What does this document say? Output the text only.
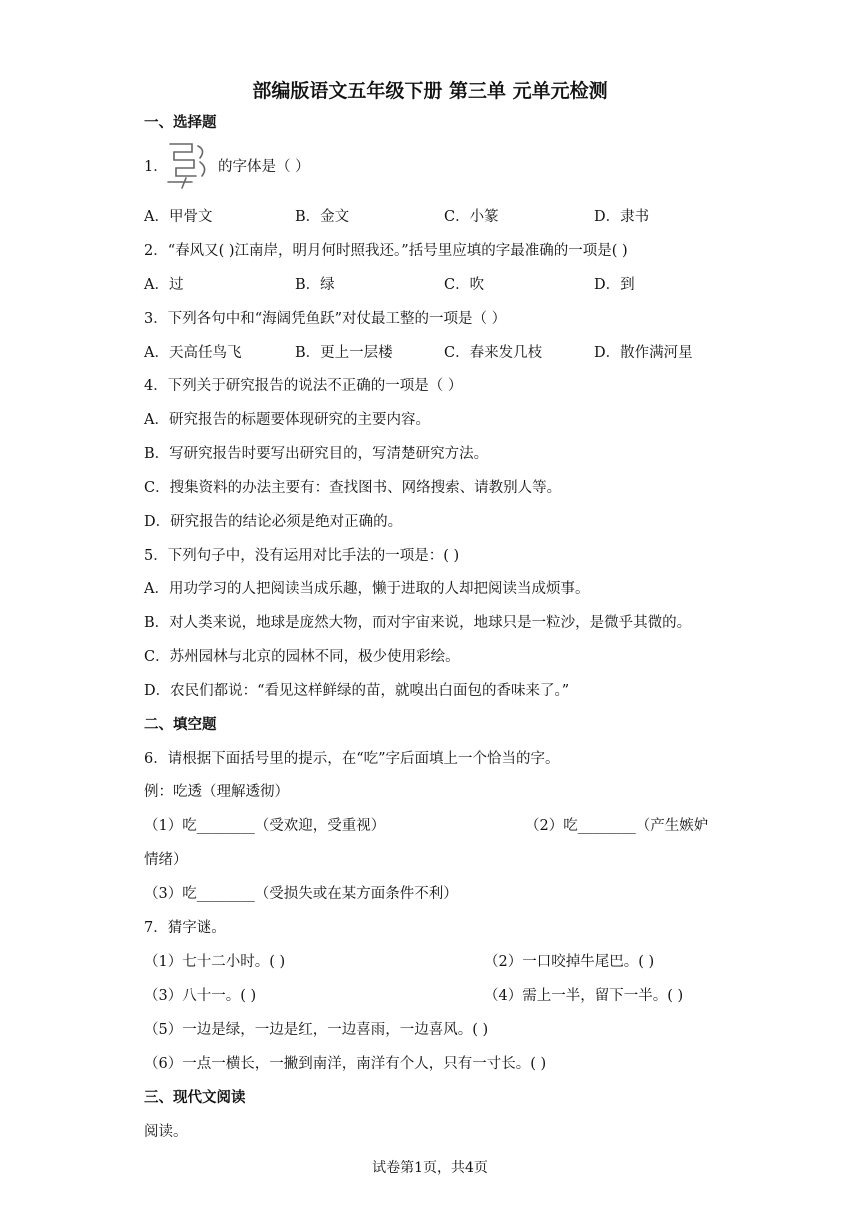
部编版语文五年级下册 第三单 元单元检测
一、选择题
1．	的字体是（ ）
A．甲骨文	B．金文	C．小篆	D．隶书
2．“春风又( )江南岸，明月何时照我还。”括号里应填的字最准确的一项是( )
A．过	B．绿	C．吹	D．到
3．下列各句中和“海阔凭鱼跃”对仗最工整的一项是（ ）
A．天高任鸟飞	B．更上一层楼	C．春来发几枝	D．散作满河星
4．下列关于研究报告的说法不正确的一项是（ ）
A．研究报告的标题要体现研究的主要内容。
B．写研究报告时要写出研究目的，写清楚研究方法。
C．搜集资料的办法主要有：查找图书、网络搜索、请教别人等。
D．研究报告的结论必须是绝对正确的。
5．下列句子中，没有运用对比手法的一项是：( )
A．用功学习的人把阅读当成乐趣，懒于进取的人却把阅读当成烦事。
B．对人类来说，地球是庞然大物，而对宇宙来说，地球只是一粒沙，是微乎其微的。
C．苏州园林与北京的园林不同，极少使用彩绘。
D．农民们都说：“看见这样鲜绿的苗，就嗅出白面包的香味来了。”
二、填空题
6．请根据下面括号里的提示，在“吃”字后面填上一个恰当的字。
例：吃透（理解透彻）
（1）吃________（受欢迎，受重视）	（2）吃________（产生嫉妒
情绪）
（3）吃________（受损失或在某方面条件不利）
7．猜字谜。
（1）七十二小时。( )	（2）一口咬掉牛尾巴。( )
（3）八十一。( )	（4）需上一半，留下一半。( )
（5）一边是绿，一边是红，一边喜雨，一边喜风。( )
（6）一点一横长，一撇到南洋，南洋有个人，只有一寸长。( )
三、现代文阅读
阅读。
试卷第1页，共4页
